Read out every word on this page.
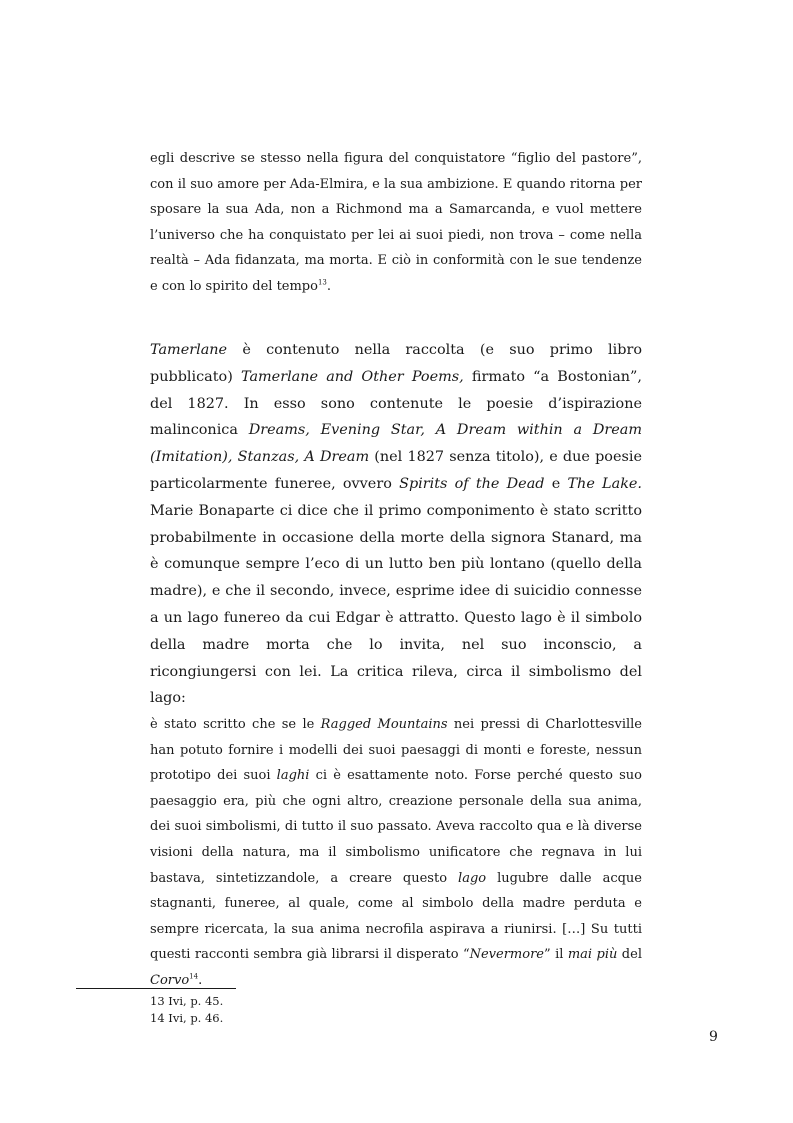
egli descrive se stesso nella figura del conquistatore “figlio del pastore”, con il suo amore per Ada-Elmira, e la sua ambizione. E quando ritorna per sposare la sua Ada, non a Richmond ma a Samarcanda, e vuol mettere l’universo che ha conquistato per lei ai suoi piedi, non trova – come nella realtà – Ada fidanzata, ma morta. E ciò in conformità con le sue tendenze e con lo spirito del tempo$^{13}$.

Tamerlane è contenuto nella raccolta (e suo primo libro pubblicato) Tamerlane and Other Poems, firmato “a Bostonian”, del 1827. In esso sono contenute le poesie d’ispirazione malinconica Dreams, Evening Star, A Dream within a Dream (Imitation), Stanzas, A Dream (nel 1827 senza titolo), e due poesie particolarmente funeree, ovvero Spirits of the Dead e The Lake. Marie Bonaparte ci dice che il primo componimento è stato scritto probabilmente in occasione della morte della signora Stanard, ma è comunque sempre l’eco di un lutto ben più lontano (quello della madre), e che il secondo, invece, esprime idee di suicidio connesse a un lago funereo da cui Edgar è attratto. Questo lago è il simbolo della madre morta che lo invita, nel suo inconscio, a ricongiungersi con lei. La critica rileva, circa il simbolismo del lago:

è stato scritto che se le Ragged Mountains nei pressi di Charlottesville han potuto fornire i modelli dei suoi paesaggi di monti e foreste, nessun prototipo dei suoi laghi ci è esattamente noto. Forse perché questo suo paesaggio era, più che ogni altro, creazione personale della sua anima, dei suoi simbolismi, di tutto il suo passato. Aveva raccolto qua e là diverse visioni della natura, ma il simbolismo unificatore che regnava in lui bastava, sintetizzandole, a creare questo lago lugubre dalle acque stagnanti, funeree, al quale, come al simbolo della madre perduta e sempre ricercata, la sua anima necrofila aspirava a riunirsi. […] Su tutti questi racconti sembra già librarsi il disperato “Nevermore” il mai più del Corvo$^{14}$.

13 Ivi, p. 45.
14 Ivi, p. 46.
9
